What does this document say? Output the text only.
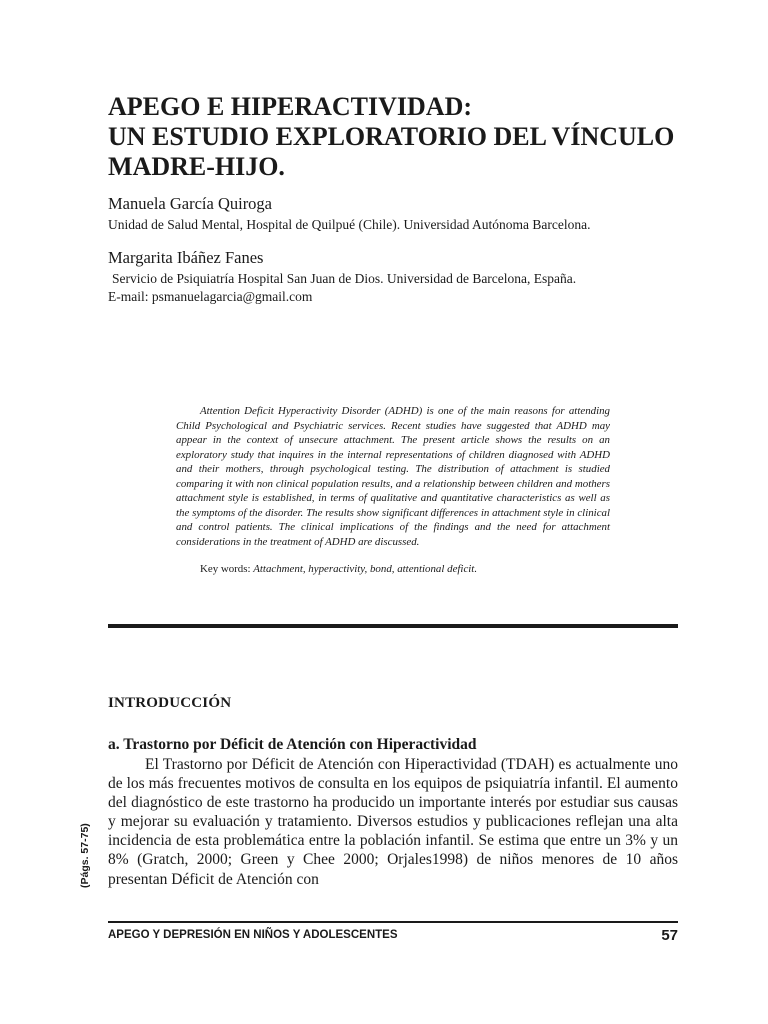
APEGO E HIPERACTIVIDAD:
UN ESTUDIO EXPLORATORIO DEL VÍNCULO
MADRE-HIJO.
Manuela García Quiroga
Unidad de Salud Mental, Hospital de Quilpué (Chile). Universidad Autónoma Barcelona.
Margarita Ibáñez Fanes
Servicio de Psiquiatría Hospital San Juan de Dios. Universidad de Barcelona, España.
E-mail: psmanuelagarcia@gmail.com
Attention Deficit Hyperactivity Disorder (ADHD) is one of the main reasons for attending Child Psychological and Psychiatric services. Recent studies have suggested that ADHD may appear in the context of unsecure attachment. The present article shows the results on an exploratory study that inquires in the internal representations of children diagnosed with ADHD and their mothers, through psychological testing. The distribution of attachment is studied comparing it with non clinical population results, and a relationship between children and mothers attachment style is established, in terms of qualitative and quantitative characteristics as well as the symptoms of the disorder. The results show significant differences in attachment style in clinical and control patients. The clinical implications of the findings and the need for attachment considerations in the treatment of ADHD are discussed.
Key words: Attachment, hyperactivity, bond, attentional deficit.
INTRODUCCIÓN
a. Trastorno por Déficit de Atención con Hiperactividad
El Trastorno por Déficit de Atención con Hiperactividad (TDAH) es actualmente uno de los más frecuentes motivos de consulta en los equipos de psiquiatría infantil. El aumento del diagnóstico de este trastorno ha producido un importante interés por estudiar sus causas y mejorar su evaluación y tratamiento. Diversos estudios y publicaciones reflejan una alta incidencia de esta problemática entre la población infantil. Se estima que entre un 3% y un 8% (Gratch, 2000; Green y Chee 2000; Orjales1998) de niños menores de 10 años presentan Déficit de Atención con
(Págs. 57-75)
APEGO Y DEPRESIÓN EN NIÑOS Y ADOLESCENTES	57
